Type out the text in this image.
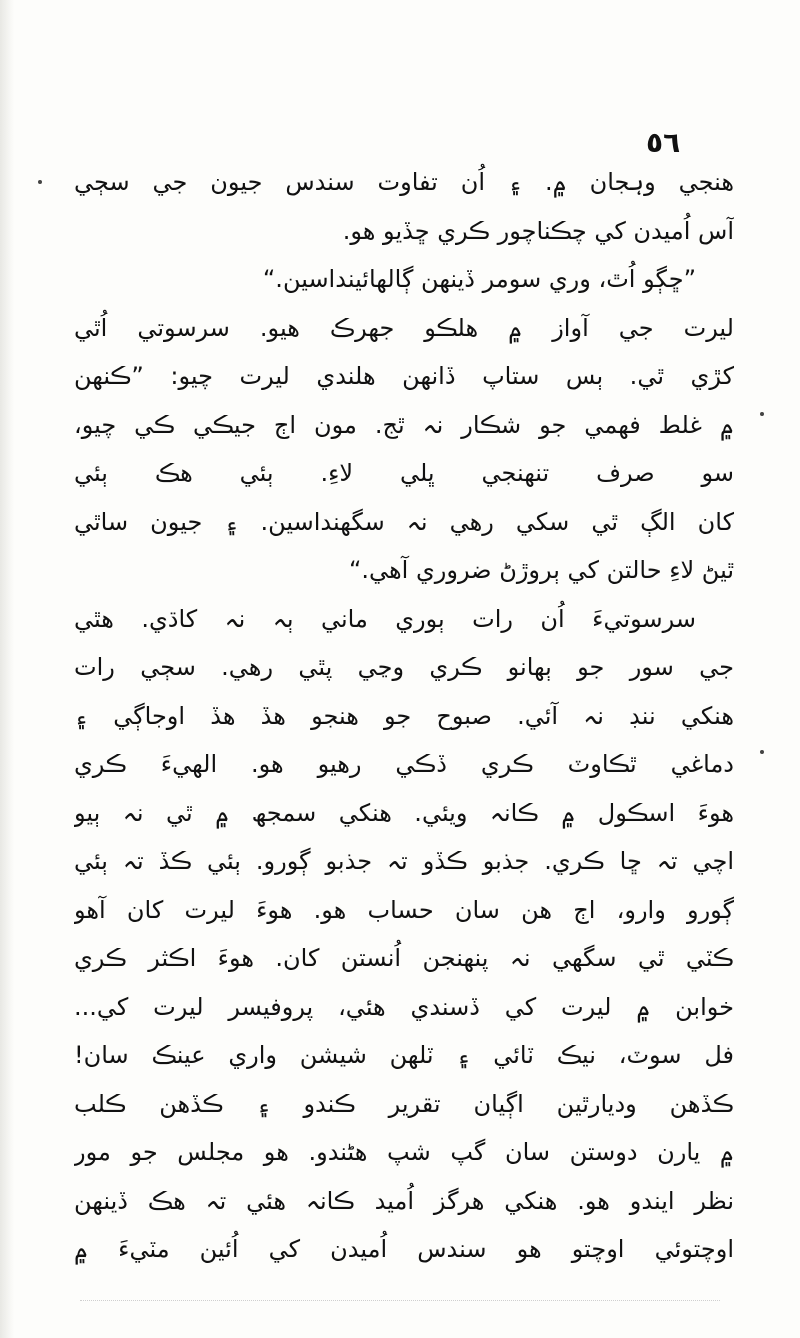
٥٦
ھنجي وہجان ۾. ۽ اُن تفاوت سندس جيون جي سڄي
آس اُميدن کي چڪناچور ڪري ڇڏيو ھو.
”ڇڳو اُٿ، وري سومر ڏينھن ڳالھائينداسين.“
ليرت جي آواز ۾ ھلڪو جهرڪ ھيو. سرسوتي اُٿي
کڙي ٿي. ٻس ستاپ ڏانھن ھلندي ليرت چيو: ”ڪنھن
۾ غلط فھمي جو شڪار نہ ٿج. مون اڄ جيڪي ڪي چيو،
سو صرف تنھنجي ڀلي لاءِ. ٻئي ھڪ ٻئي
کان الڳ ٿي سکي رھي نہ سگھنداسين. ۽ جيون ساٿي
ٿيڻ لاءِ حالتن کي ٻروڙڻ ضروري آھي.“
سرسوتيءَ اُن رات ٻوري ماني ٻہ نہ کاڌي. ھٿي
جي سور جو ٻهانو ڪري وڃي پٿي رھي. سڄي رات
ھنکي ننڊ نہ آئي. صبوح جو ھنجو ھڏ ھڏ اوجاڳي ۽
دماغي ٿڪاوٽ ڪري ڏڪي رھيو ھو. الهيءَ ڪري
ھوءَ اسڪول ۾ ڪانہ ويئي. ھنکي سمجھ ۾ ٿي نہ ٻيو
اچي تہ ڇا ڪري. جذبو ڪڏو تہ جذبو ڳورو. ٻئي ڪڏ تہ ٻئي
ڳورو وارو، اڄ ھن سان حساب ھو. ھوءَ ليرت کان آھو
ڪٽي ٿي سگھي نہ پنھنجن اُنستن کان. ھوءَ اڪثر ڪري
خوابن ۾ ليرت کي ڏسندي ھئي، پروفيسر ليرت کي...
فل سوٽ، نيڪ ٽائي ۽ ٽلھن شيشن واري عينڪ سان!
ڪڏھن وديارٿين اڳيان تقرير ڪندو ۽ ڪڏھن ڪلب
۾ يارن دوستن سان گپ شپ ھڻندو. ھو مجلس جو مور
نظر ايندو ھو. ھنکي ھرگز اُميد ڪانہ ھئي تہ ھڪ ڏينھن
اوچتوئي اوچتو ھو سندس اُميدن کي اُئين مٽيءَ ۾
